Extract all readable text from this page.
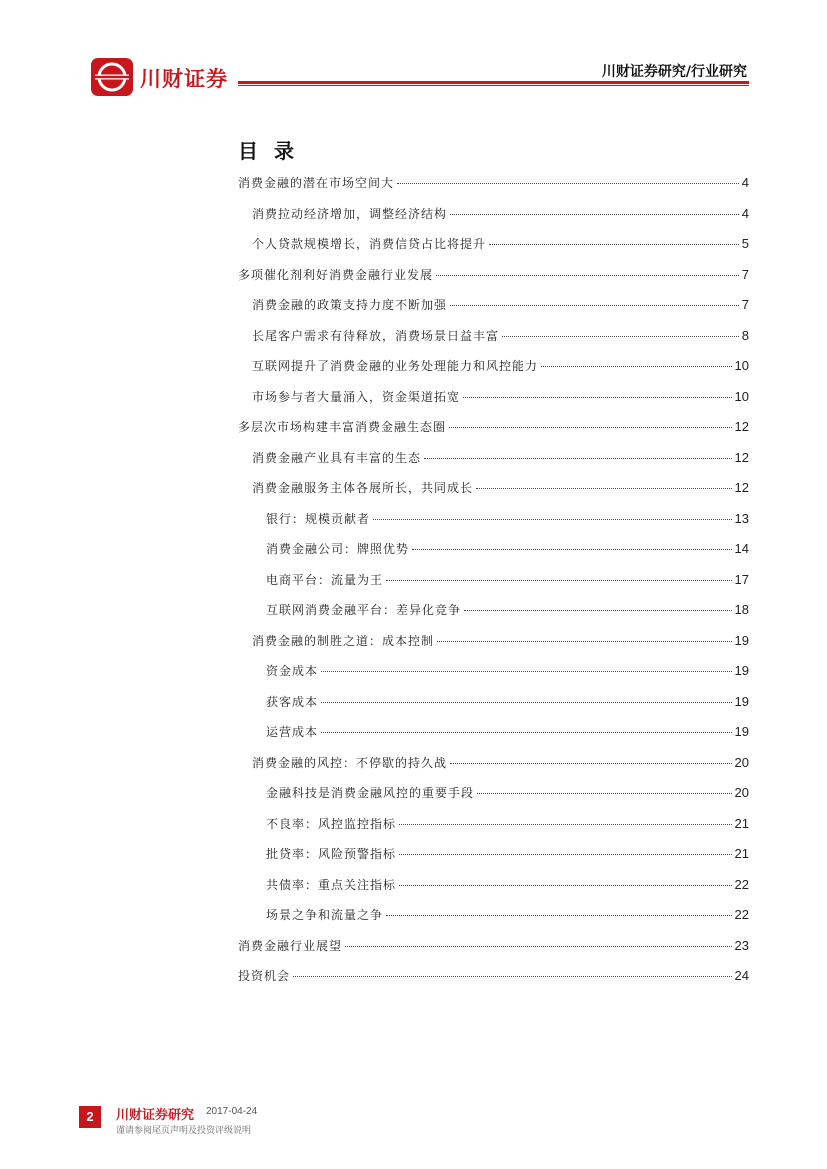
川财证券	川财证券研究/行业研究
目录
消费金融的潜在市场空间大	4
消费拉动经济增加，调整经济结构	4
个人贷款规模增长，消费信贷占比将提升	5
多项催化剂利好消费金融行业发展	7
消费金融的政策支持力度不断加强	7
长尾客户需求有待释放，消费场景日益丰富	8
互联网提升了消费金融的业务处理能力和风控能力	10
市场参与者大量涌入，资金渠道拓宽	10
多层次市场构建丰富消费金融生态圈	12
消费金融产业具有丰富的生态	12
消费金融服务主体各展所长，共同成长	12
银行：规模贡献者	13
消费金融公司：牌照优势	14
电商平台：流量为王	17
互联网消费金融平台：差异化竞争	18
消费金融的制胜之道：成本控制	19
资金成本	19
获客成本	19
运营成本	19
消费金融的风控：不停歇的持久战	20
金融科技是消费金融风控的重要手段	20
不良率：风控监控指标	21
批贷率：风险预警指标	21
共债率：重点关注指标	22
场景之争和流量之争	22
消费金融行业展望	23
投资机会	24
2	川财证券研究 2017-04-24
谨请参阅尾页声明及投资评级说明
